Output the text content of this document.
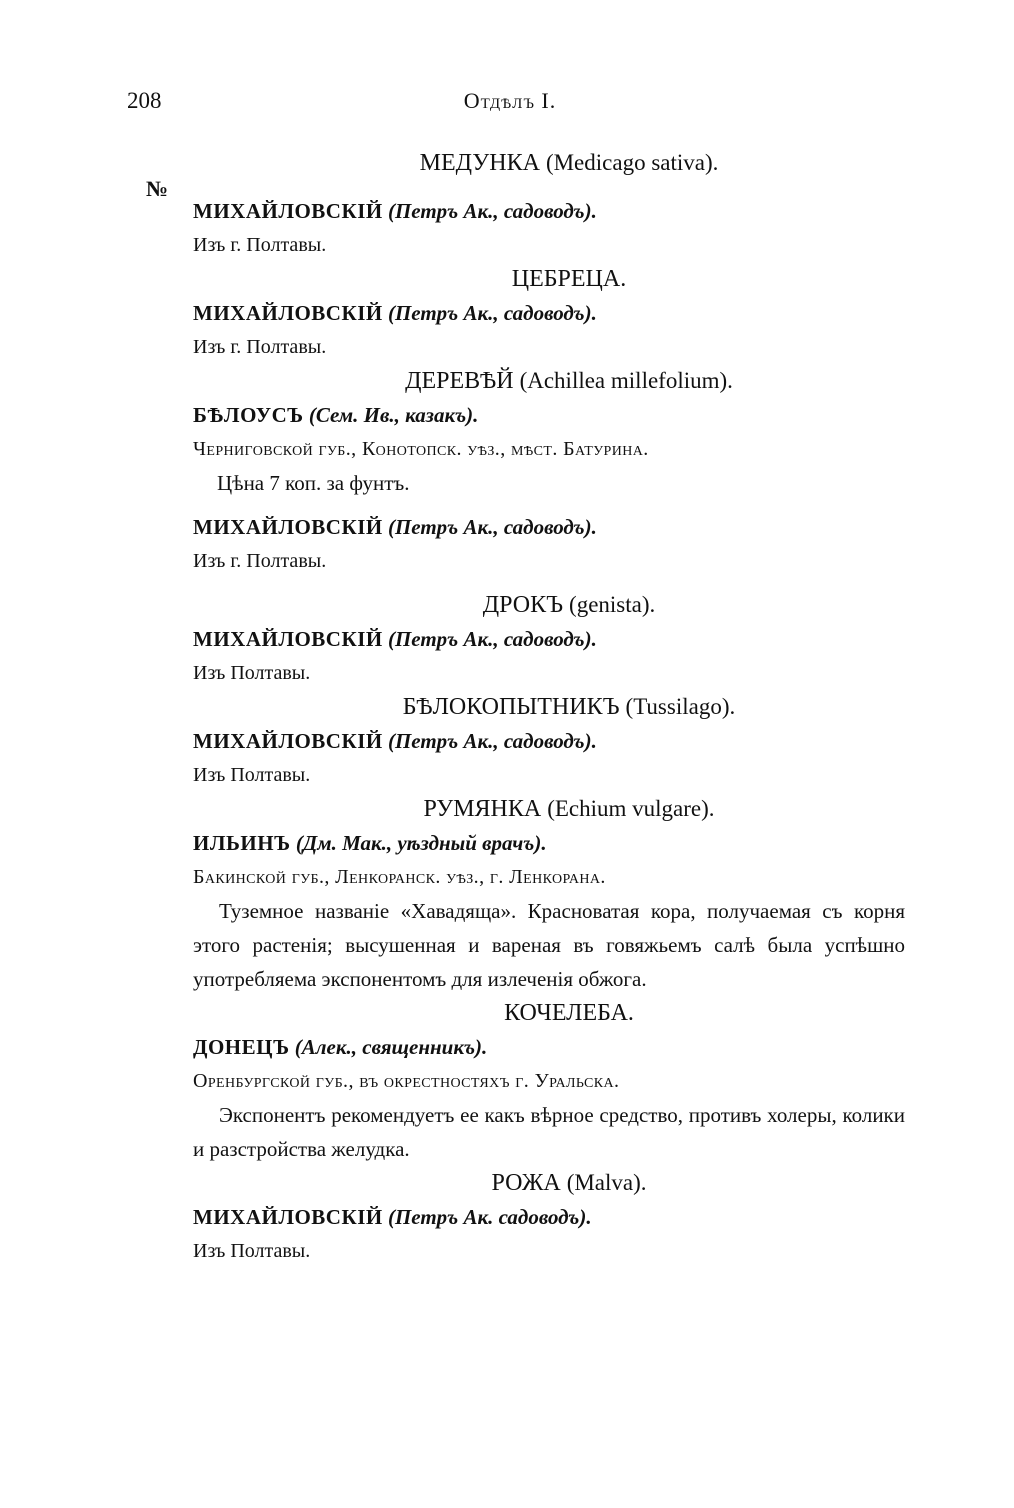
208	Отдѣлъ I.
№
МЕДУНКА (Medicago sativa).
МИХАЙЛОВСКІЙ (Петръ Ак., садоводъ).
Изъ г. Полтавы.
ЦЕБРЕЦА.
МИХАЙЛОВСКІЙ (Петръ Ак., садоводъ).
Изъ г. Полтавы.
ДЕРЕВѢЙ (Achillea millefolium).
БѢЛОУСЪ (Сем. Ив., казакъ).
Черниговской губ., Конотопск. уѣз., мѣст. Батурина.
Цѣна 7 коп. за фунтъ.
МИХАЙЛОВСКІЙ (Петръ Ак., садоводъ).
Изъ г. Полтавы.
ДРОКЪ (genista).
МИХАЙЛОВСКІЙ (Петръ Ак., садоводъ).
Изъ Полтавы.
БѢЛОКОПЫТНИКЪ (Tussilago).
МИХАЙЛОВСКІЙ (Петръ Ак., садоводъ).
Изъ Полтавы.
РУМЯНКА (Echium vulgare).
ИЛЬИНЪ (Дм. Мак., уѣздный врачъ).
Бакинской губ., Ленкоранск. уѣз., г. Ленкорана.
Туземное названіе «Хавадяща». Красноватая кора, получаемая съ корня этого растенія; высушенная и вареная въ говяжьемъ салѣ была успѣшно употребляема экспонентомъ для излеченія обжога.
КОЧЕЛЕБА.
ДОНЕЦЪ (Алек., священникъ).
Оренбургской губ., въ окрестностяхъ г. Уральска.
Экспонентъ рекомендуетъ ее какъ вѣрное средство, противъ холеры, колики и разстройства желудка.
РОЖА (Malva).
МИХАЙЛОВСКІЙ (Петръ Ак. садоводъ).
Изъ Полтавы.
